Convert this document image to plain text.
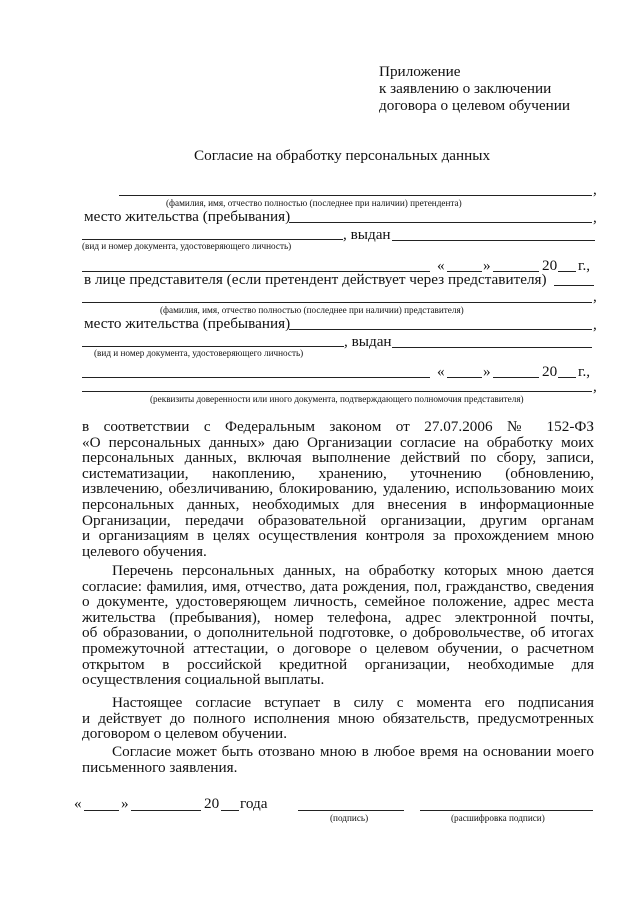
Приложение
к заявлению о заключении
договора о целевом обучении
Согласие на обработку персональных данных
,
(фамилия, имя, отчество полностью (последнее при наличии) претендента)
место жительства (пребывания)	,
, выдан
(вид и номер документа, удостоверяющего личность)
«	»	20 г.,
в лице представителя (если претендент действует через представителя)
,
(фамилия, имя, отчество полностью (последнее при наличии) представителя)
место жительства (пребывания)	,
, выдан
(вид и номер документа, удостоверяющего личность)
«	»	20 г.,
,
(реквизиты доверенности или иного документа, подтверждающего полномочия представителя)
в соответствии с Федеральным законом от 27.07.2006 № 152-ФЗ
«О персональных данных» даю Организации согласие на обработку моих
персональных данных, включая выполнение действий по сбору, записи,
систематизации, накоплению, хранению, уточнению (обновлению,
извлечению, обезличиванию, блокированию, удалению, использованию моих
персональных данных, необходимых для внесения в информационные
Организации, передачи образовательной организации, другим органам
и организациям в целях осуществления контроля за прохождением мною
целевого обучения.
Перечень персональных данных, на обработку которых мною дается
согласие: фамилия, имя, отчество, дата рождения, пол, гражданство, сведения
о документе, удостоверяющем личность, семейное положение, адрес места
жительства (пребывания), номер телефона, адрес электронной почты,
об образовании, о дополнительной подготовке, о добровольчестве, об итогах
промежуточной аттестации, о договоре о целевом обучении, о расчетном
открытом в российской кредитной организации, необходимые для
осуществления социальной выплаты.
Настоящее согласие вступает в силу с момента его подписания
и действует до полного исполнения мною обязательств, предусмотренных
договором о целевом обучении.
Согласие может быть отозвано мною в любое время на основании моего
письменного заявления.
«	»	20 года
(подпись)	(расшифровка подписи)
